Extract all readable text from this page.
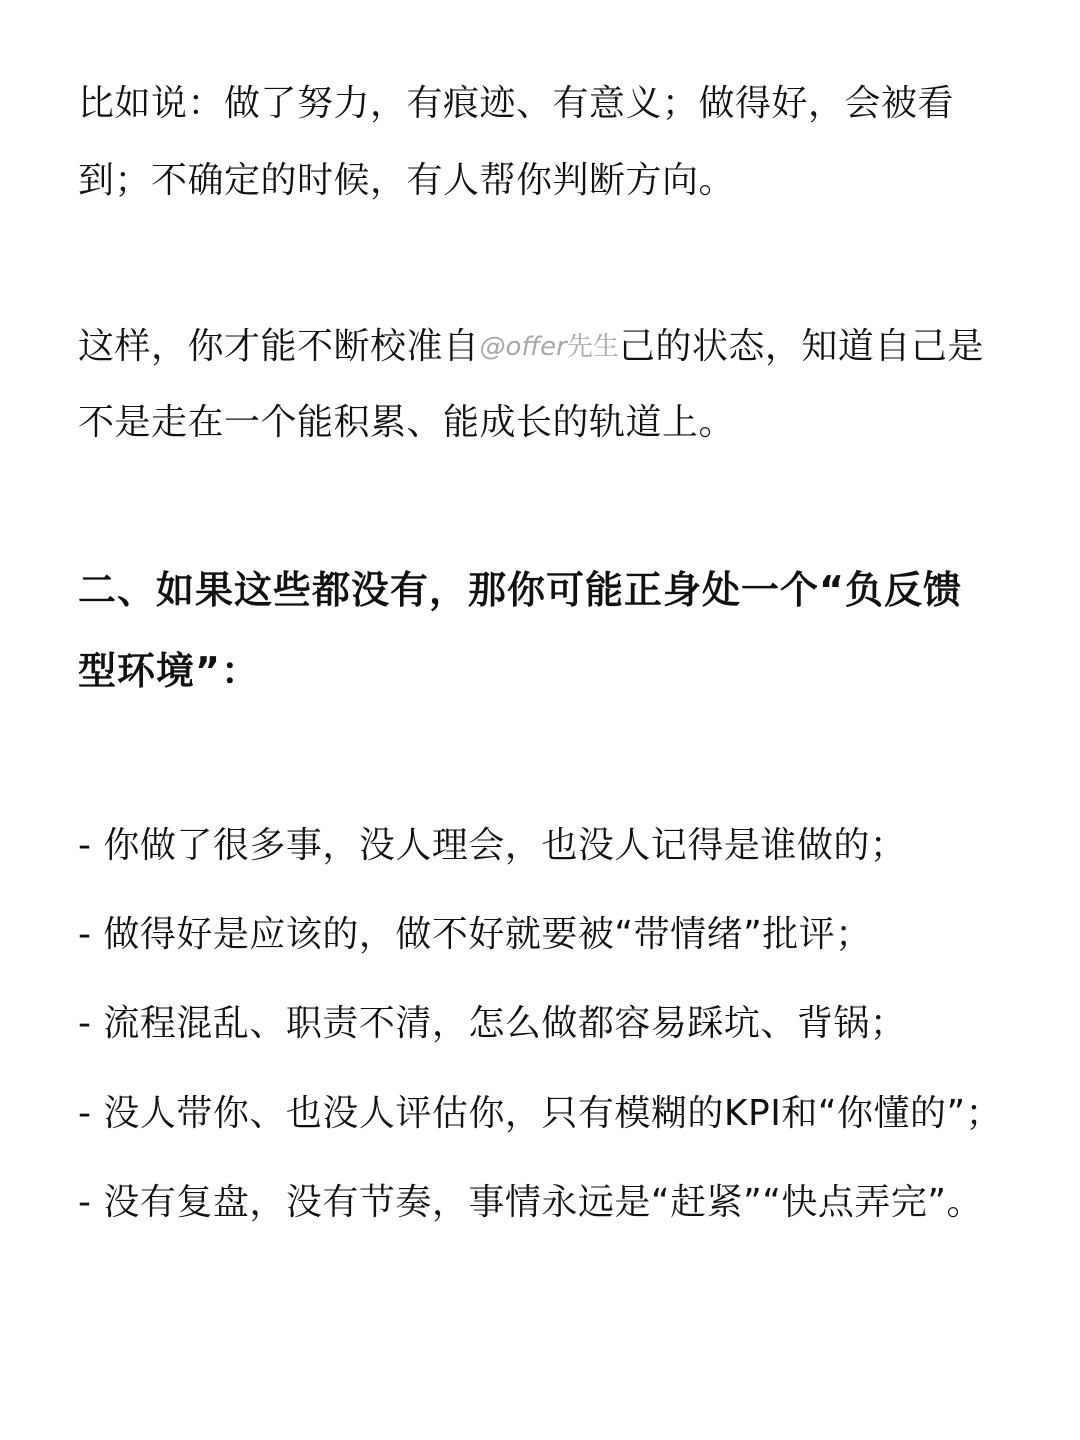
比如说：做了努力，有痕迹、有意义；做得好，会被看
到；不确定的时候，有人帮你判断方向。
这样，你才能不断校准自@offer先生己的状态，知道自己是
不是走在一个能积累、能成长的轨道上。
二、如果这些都没有，那你可能正身处一个“负反馈
型环境”：
- 你做了很多事，没人理会，也没人记得是谁做的；
- 做得好是应该的，做不好就要被“带情绪”批评；
- 流程混乱、职责不清，怎么做都容易踩坑、背锅；
- 没人带你、也没人评估你，只有模糊的KPI和“你懂的”；
- 没有复盘，没有节奏，事情永远是“赶紧”“快点弄完”。
